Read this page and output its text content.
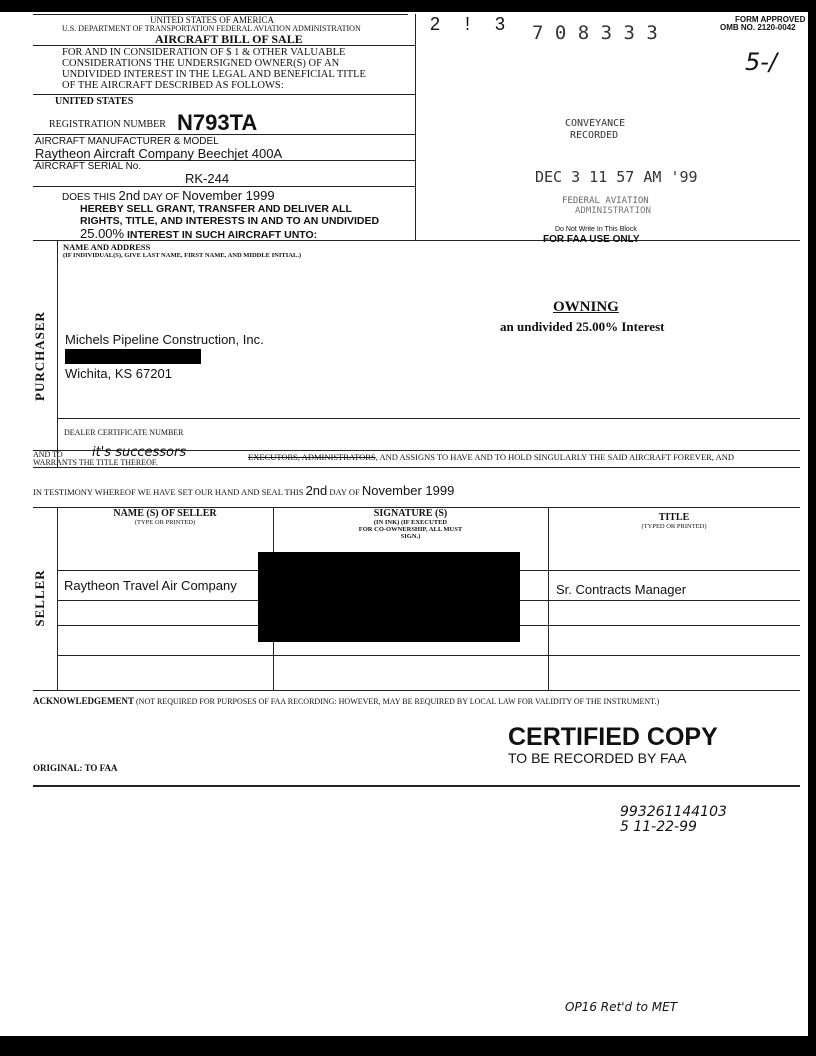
UNITED STATES OF AMERICA
U.S. DEPARTMENT OF TRANSPORTATION FEDERAL AVIATION ADMINISTRATION
AIRCRAFT BILL OF SALE
FORM APPROVED
OMB NO. 2120-0042
FOR AND IN CONSIDERATION OF $ 1 & OTHER VALUABLE
CONSIDERATIONS THE UNDERSIGNED OWNER(S) OF AN
UNDIVIDED INTEREST IN THE LEGAL AND BENEFICIAL TITLE
OF THE AIRCRAFT DESCRIBED AS FOLLOWS:
UNITED STATES
REGISTRATION NUMBER N793TA
AIRCRAFT MANUFACTURER & MODEL
Raytheon Aircraft Company Beechjet 400A
AIRCRAFT SERIAL No.
RK-244
DOES THIS 2nd DAY OF November 1999
HEREBY SELL GRANT, TRANSFER AND DELIVER ALL
RIGHTS, TITLE, AND INTERESTS IN AND TO AN UNDIVIDED
25.00% INTEREST IN SUCH AIRCRAFT UNTO:
2 ! 3 7 0 8 3 3 3
5-/
CONVEYANCE
RECORDED
DEC 3 11 57 AM '99
FEDERAL AVIATION
ADMINISTRATION
Do Not Write In This Block
FOR FAA USE ONLY
PURCHASER
NAME AND ADDRESS
(IF INDIVIDUAL(S), GIVE LAST NAME, FIRST NAME, AND MIDDLE INITIAL.)
Michels Pipeline Construction, Inc.
Wichita, KS 67201
OWNING
an undivided 25.00% Interest
DEALER CERTIFICATE NUMBER
AND TO it's successors	EXECUTORS, ADMINISTRATORS, AND ASSIGNS TO HAVE AND TO HOLD SINGULARLY THE SAID AIRCRAFT FOREVER, AND
WARRANTS THE TITLE THEREOF.
IN TESTIMONY WHEREOF WE HAVE SET OUR HAND AND SEAL THIS 2nd DAY OF November 1999
SELLER
NAME (S) OF SELLER
(TYPE OR PRINTED)
SIGNATURE (S)
(IN INK) (IF EXECUTED
FOR CO-OWNERSHIP, ALL MUST
SIGN.)
TITLE
(TYPED OR PRINTED)
Raytheon Travel Air Company	Sr. Contracts Manager
ACKNOWLEDGEMENT (NOT REQUIRED FOR PURPOSES OF FAA RECORDING: HOWEVER, MAY BE REQUIRED BY LOCAL LAW FOR VALIDITY OF THE INSTRUMENT.)
CERTIFIED COPY
TO BE RECORDED BY FAA
ORIGINAL: TO FAA
993261144103
5 11-22-99
OP16 Ret'd to MET
